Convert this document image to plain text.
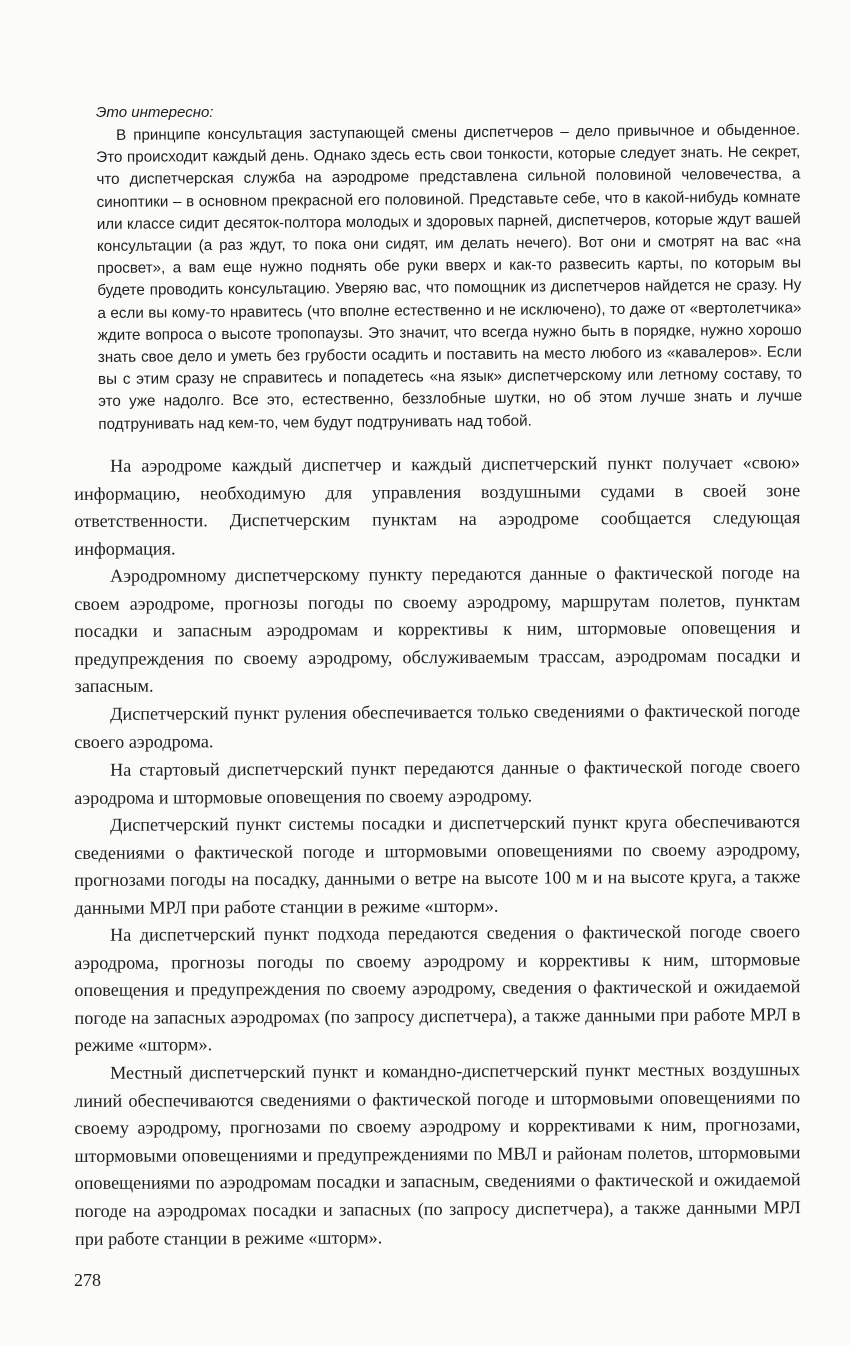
Это интересно:

В принципе консультация заступающей смены диспетчеров – дело привычное и обыденное. Это происходит каждый день. Однако здесь есть свои тонкости, которые следует знать. Не секрет, что диспетчерская служба на аэродроме представлена сильной половиной человечества, а синоптики – в основном прекрасной его половиной. Представьте себе, что в какой-нибудь комнате или классе сидит десяток-полтора молодых и здоровых парней, диспетчеров, которые ждут вашей консультации (а раз ждут, то пока они сидят, им делать нечего). Вот они и смотрят на вас «на просвет», а вам еще нужно поднять обе руки вверх и как-то развесить карты, по которым вы будете проводить консультацию. Уверяю вас, что помощник из диспетчеров найдется не сразу. Ну а если вы кому-то нравитесь (что вполне естественно и не исключено), то даже от «вертолетчика» ждите вопроса о высоте тропопаузы. Это значит, что всегда нужно быть в порядке, нужно хорошо знать свое дело и уметь без грубости осадить и поставить на место любого из «кавалеров». Если вы с этим сразу не справитесь и попадетесь «на язык» диспетчерскому или летному составу, то это уже надолго. Все это, естественно, беззлобные шутки, но об этом лучше знать и лучше подтрунивать над кем-то, чем будут подтрунивать над тобой.

На аэродроме каждый диспетчер и каждый диспетчерский пункт получает «свою» информацию, необходимую для управления воздушными судами в своей зоне ответственности. Диспетчерским пунктам на аэродроме сообщается следующая информация.

Аэродромному диспетчерскому пункту передаются данные о фактической погоде на своем аэродроме, прогнозы погоды по своему аэродрому, маршрутам полетов, пунктам посадки и запасным аэродромам и коррективы к ним, штормовые оповещения и предупреждения по своему аэродрому, обслуживаемым трассам, аэродромам посадки и запасным.

Диспетчерский пункт руления обеспечивается только сведениями о фактической погоде своего аэродрома.

На стартовый диспетчерский пункт передаются данные о фактической погоде своего аэродрома и штормовые оповещения по своему аэродрому.

Диспетчерский пункт системы посадки и диспетчерский пункт круга обеспечиваются сведениями о фактической погоде и штормовыми оповещениями по своему аэродрому, прогнозами погоды на посадку, данными о ветре на высоте 100 м и на высоте круга, а также данными МРЛ при работе станции в режиме «шторм».

На диспетчерский пункт подхода передаются сведения о фактической погоде своего аэродрома, прогнозы погоды по своему аэродрому и коррективы к ним, штормовые оповещения и предупреждения по своему аэродрому, сведения о фактической и ожидаемой погоде на запасных аэродромах (по запросу диспетчера), а также данными при работе МРЛ в режиме «шторм».

Местный диспетчерский пункт и командно-диспетчерский пункт местных воздушных линий обеспечиваются сведениями о фактической погоде и штормовыми оповещениями по своему аэродрому, прогнозами по своему аэродрому и коррективами к ним, прогнозами, штормовыми оповещениями и предупреждениями по МВЛ и районам полетов, штормовыми оповещениями по аэродромам посадки и запасным, сведениями о фактической и ожидаемой погоде на аэродромах посадки и запасных (по запросу диспетчера), а также данными МРЛ при работе станции в режиме «шторм».

278
